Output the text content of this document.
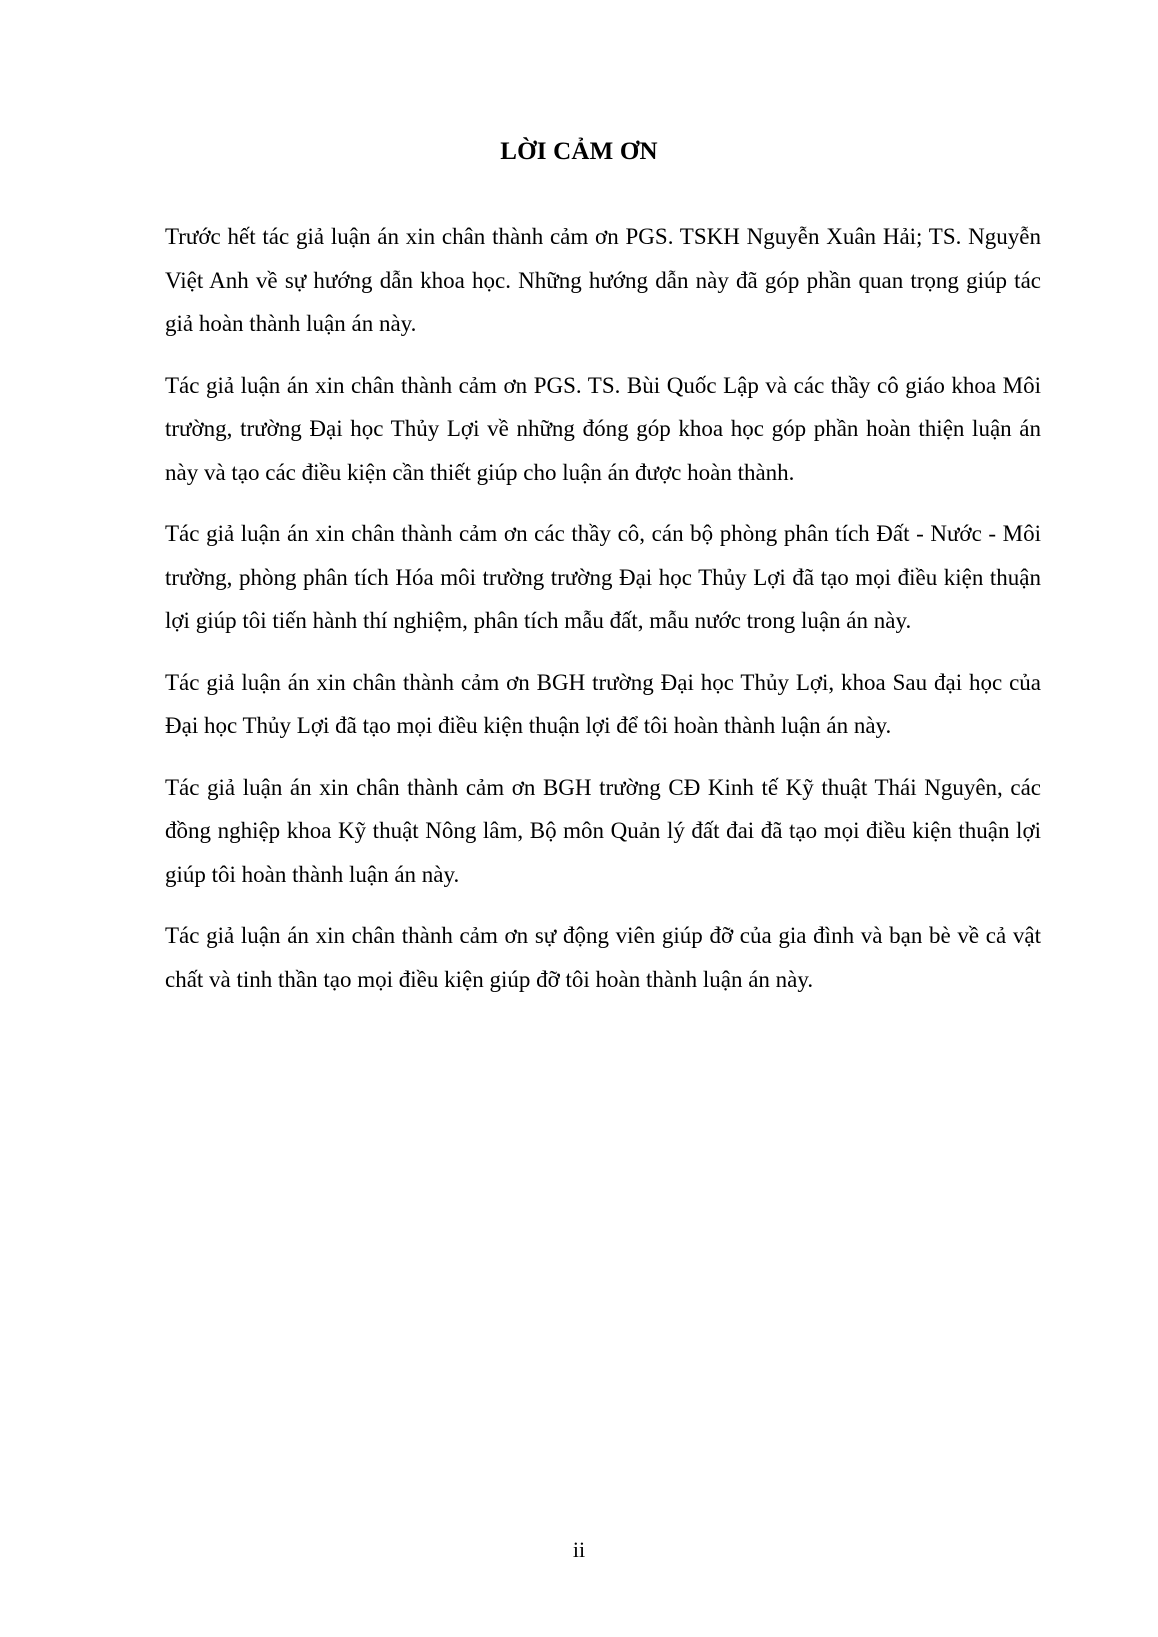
LỜI CẢM ƠN

Trước hết tác giả luận án xin chân thành cảm ơn PGS. TSKH Nguyễn Xuân Hải; TS. Nguyễn Việt Anh về sự hướng dẫn khoa học. Những hướng dẫn này đã góp phần quan trọng giúp tác giả hoàn thành luận án này.

Tác giả luận án xin chân thành cảm ơn PGS. TS. Bùi Quốc Lập và các thầy cô giáo khoa Môi trường, trường Đại học Thủy Lợi về những đóng góp khoa học góp phần hoàn thiện luận án này và tạo các điều kiện cần thiết giúp cho luận án được hoàn thành.

Tác giả luận án xin chân thành cảm ơn các thầy cô, cán bộ phòng phân tích Đất - Nước - Môi trường, phòng phân tích Hóa môi trường trường Đại học Thủy Lợi đã tạo mọi điều kiện thuận lợi giúp tôi tiến hành thí nghiệm, phân tích mẫu đất, mẫu nước trong luận án này.

Tác giả luận án xin chân thành cảm ơn BGH trường Đại học Thủy Lợi, khoa Sau đại học của Đại học Thủy Lợi đã tạo mọi điều kiện thuận lợi để tôi hoàn thành luận án này.

Tác giả luận án xin chân thành cảm ơn BGH trường CĐ Kinh tế Kỹ thuật Thái Nguyên, các đồng nghiệp khoa Kỹ thuật Nông lâm, Bộ môn Quản lý đất đai đã tạo mọi điều kiện thuận lợi giúp tôi hoàn thành luận án này.

Tác giả luận án xin chân thành cảm ơn sự động viên giúp đỡ của gia đình và bạn bè về cả vật chất và tinh thần tạo mọi điều kiện giúp đỡ tôi hoàn thành luận án này.

ii
